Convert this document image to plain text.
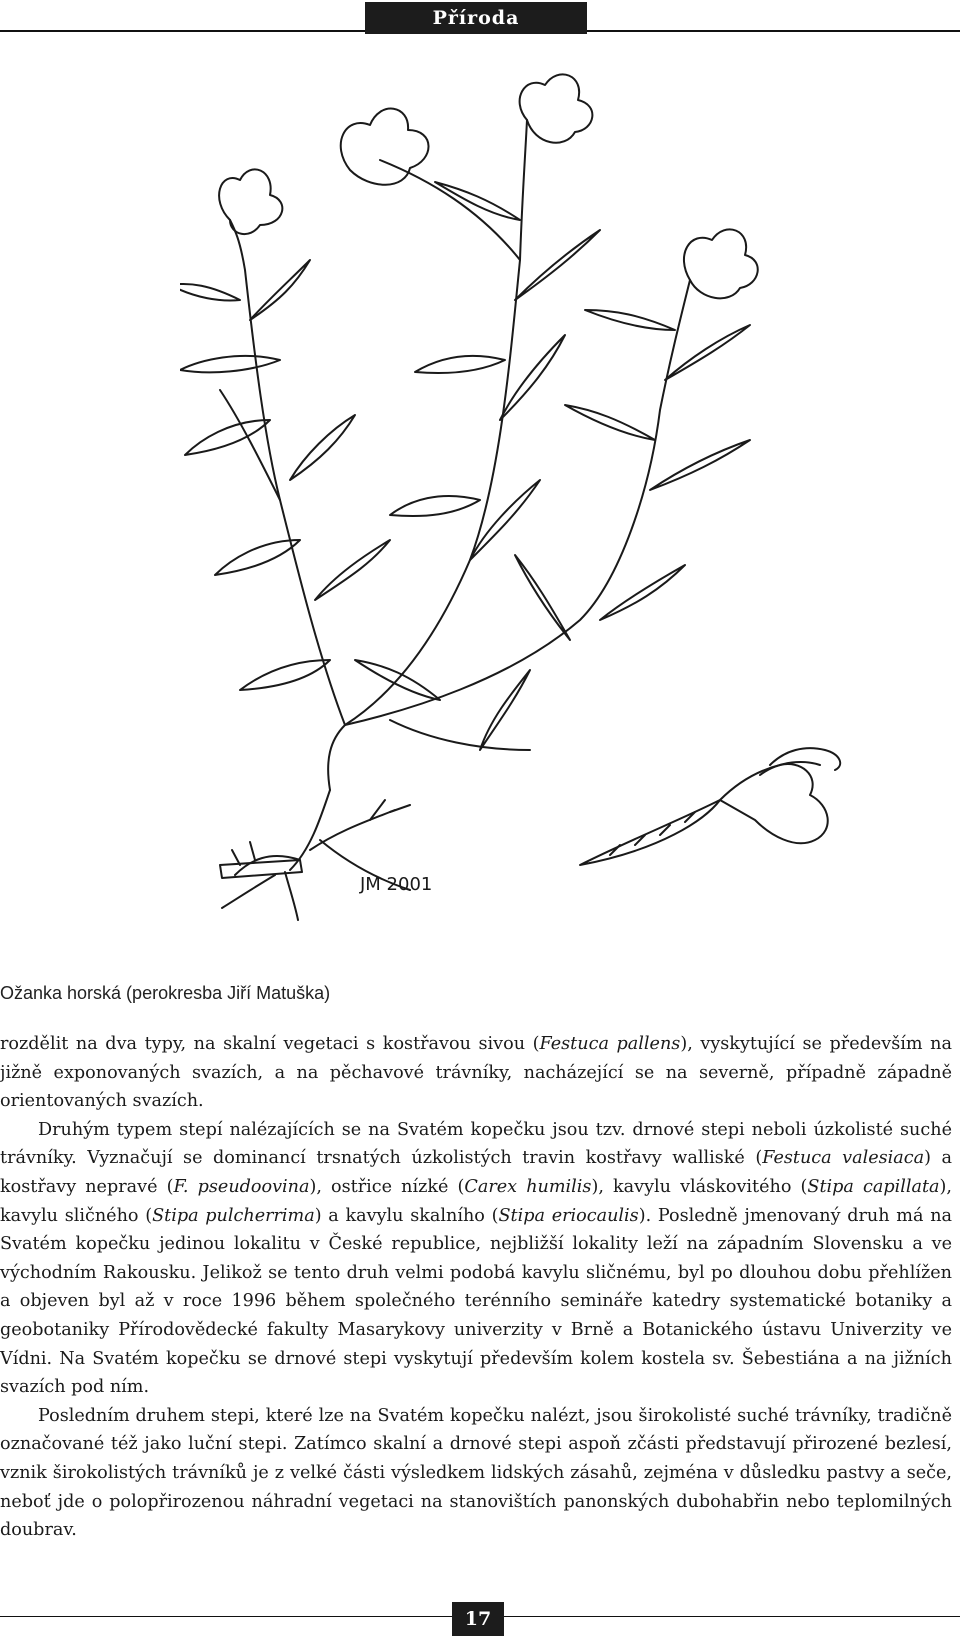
Příroda
JM 2001
Ožanka horská (perokresba Jiří Matuška)

rozdělit na dva typy, na skalní vegetaci s kostřavou sivou (Festuca pallens), vyskytující se především na jižně exponovaných svazích, a na pěchavové trávníky, nacházející se na severně, případně západně orientovaných svazích.

Druhým typem stepí nalézajících se na Svatém kopečku jsou tzv. drnové stepi neboli úzkolisté suché trávníky. Vyznačují se dominancí trsnatých úzkolistých travin kostřavy walliské (Festuca valesiaca) a kostřavy nepravé (F. pseudoovina), ostřice nízké (Carex humilis), kavylu vláskovitého (Stipa capillata), kavylu sličného (Stipa pulcherrima) a kavylu skalního (Stipa eriocaulis). Posledně jmenovaný druh má na Svatém kopečku jedinou lokalitu v České republice, nejbližší lokality leží na západním Slovensku a ve východním Rakousku. Jelikož se tento druh velmi podobá kavylu sličnému, byl po dlouhou dobu přehlížen a objeven byl až v roce 1996 během společného terénního semináře katedry systematické botaniky a geobotaniky Přírodovědecké fakulty Masarykovy univerzity v Brně a Botanického ústavu Univerzity ve Vídni. Na Svatém kopečku se drnové stepi vyskytují především kolem kostela sv. Šebestiána a na jižních svazích pod ním.

Posledním druhem stepi, které lze na Svatém kopečku nalézt, jsou širokolisté suché trávníky, tradičně označované též jako luční stepi. Zatímco skalní a drnové stepi aspoň zčásti představují přirozené bezlesí, vznik širokolistých trávníků je z velké části výsledkem lidských zásahů, zejména v důsledku pastvy a seče, neboť jde o polopřirozenou náhradní vegetaci na stanovištích panonských dubohabřin nebo teplomilných doubrav.

17
